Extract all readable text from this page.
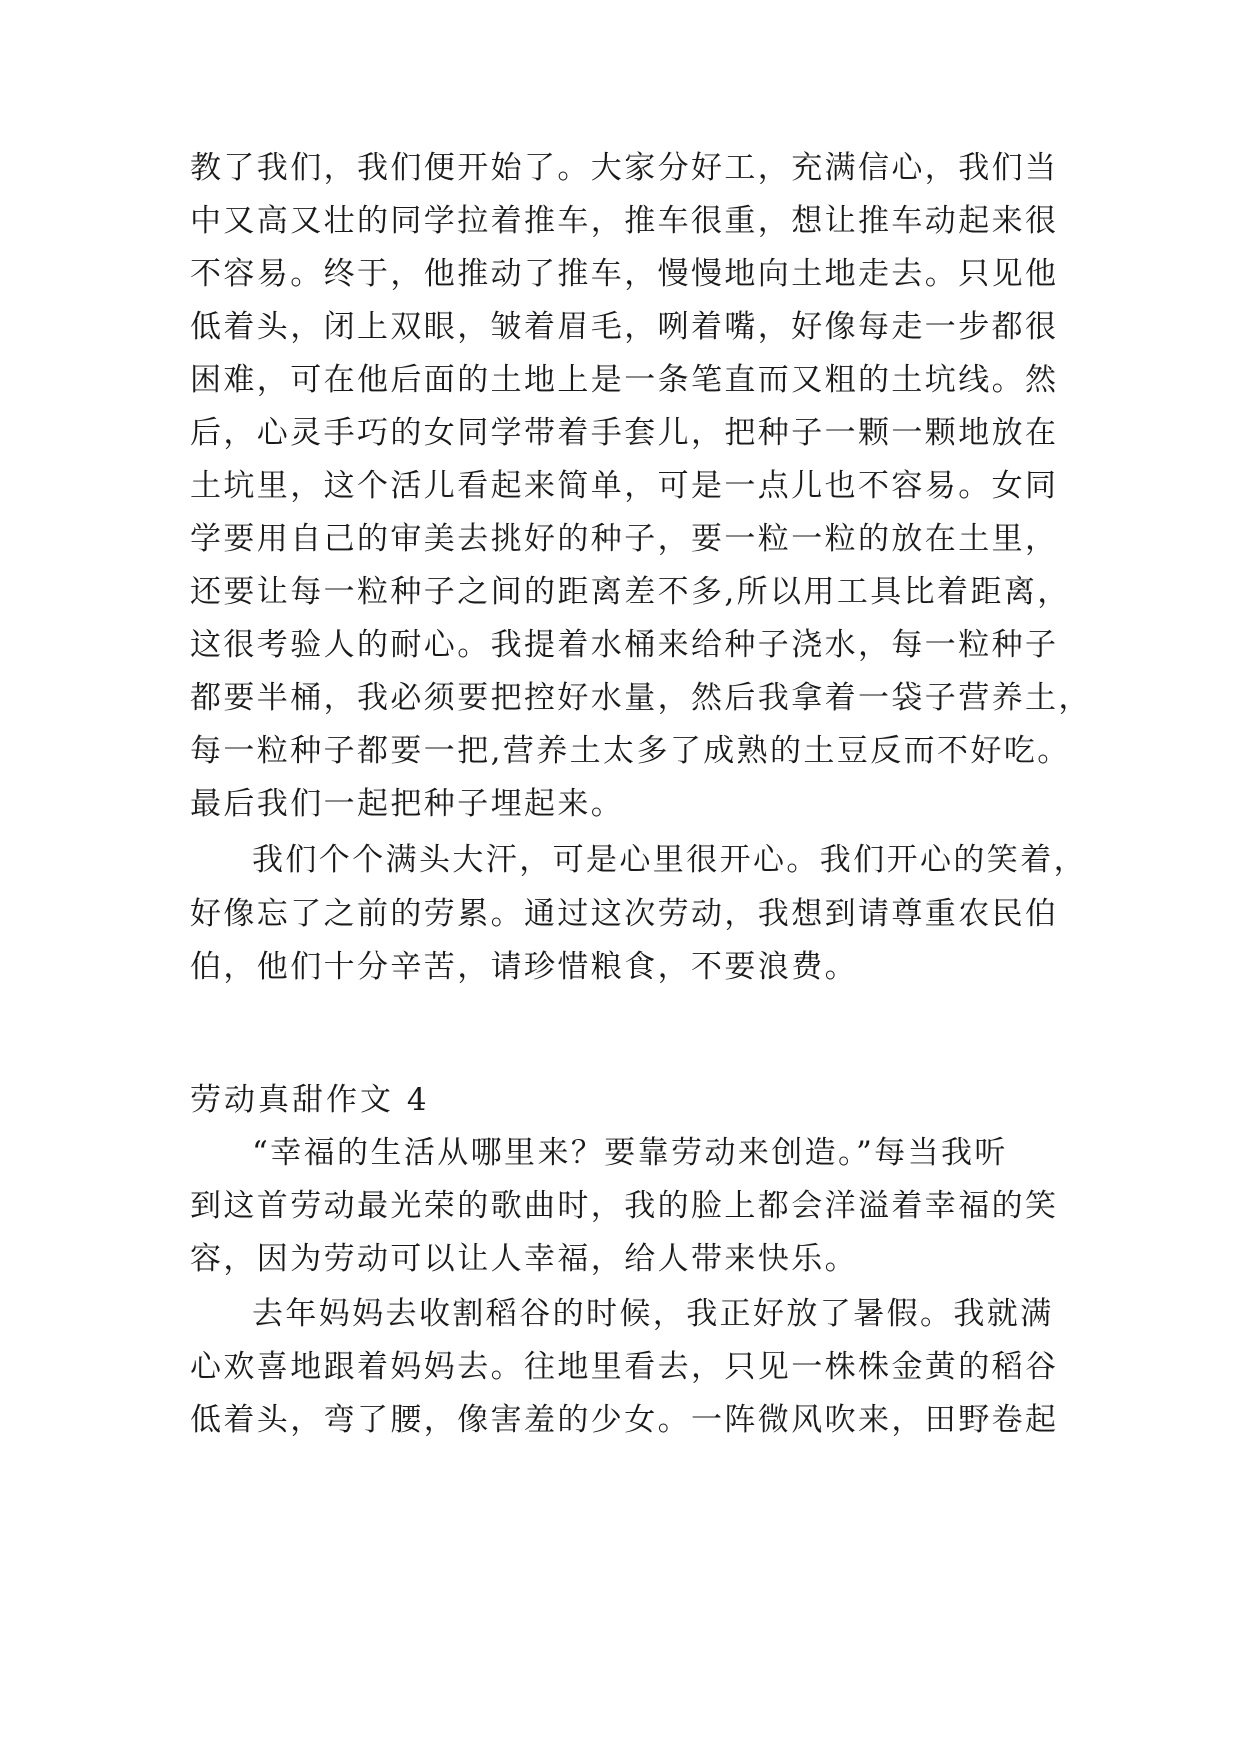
教了我们，我们便开始了。大家分好工，充满信心，我们当
中又高又壮的同学拉着推车，推车很重，想让推车动起来很
不容易。终于，他推动了推车，慢慢地向土地走去。只见他
低着头，闭上双眼，皱着眉毛，咧着嘴，好像每走一步都很
困难，可在他后面的土地上是一条笔直而又粗的土坑线。然
后，心灵手巧的女同学带着手套儿，把种子一颗一颗地放在
土坑里，这个活儿看起来简单，可是一点儿也不容易。女同
学要用自己的审美去挑好的种子，要一粒一粒的放在土里，
还要让每一粒种子之间的距离差不多,所以用工具比着距离，
这很考验人的耐心。我提着水桶来给种子浇水，每一粒种子
都要半桶，我必须要把控好水量，然后我拿着一袋子营养土，
每一粒种子都要一把,营养土太多了成熟的土豆反而不好吃。
最后我们一起把种子埋起来。
我们个个满头大汗，可是心里很开心。我们开心的笑着，
好像忘了之前的劳累。通过这次劳动，我想到请尊重农民伯
伯，他们十分辛苦，请珍惜粮食，不要浪费。
劳动真甜作文 4
“幸福的生活从哪里来？要靠劳动来创造。”每当我听
到这首劳动最光荣的歌曲时，我的脸上都会洋溢着幸福的笑
容，因为劳动可以让人幸福，给人带来快乐。
去年妈妈去收割稻谷的时候，我正好放了暑假。我就满
心欢喜地跟着妈妈去。往地里看去，只见一株株金黄的稻谷
低着头，弯了腰，像害羞的少女。一阵微风吹来，田野卷起
